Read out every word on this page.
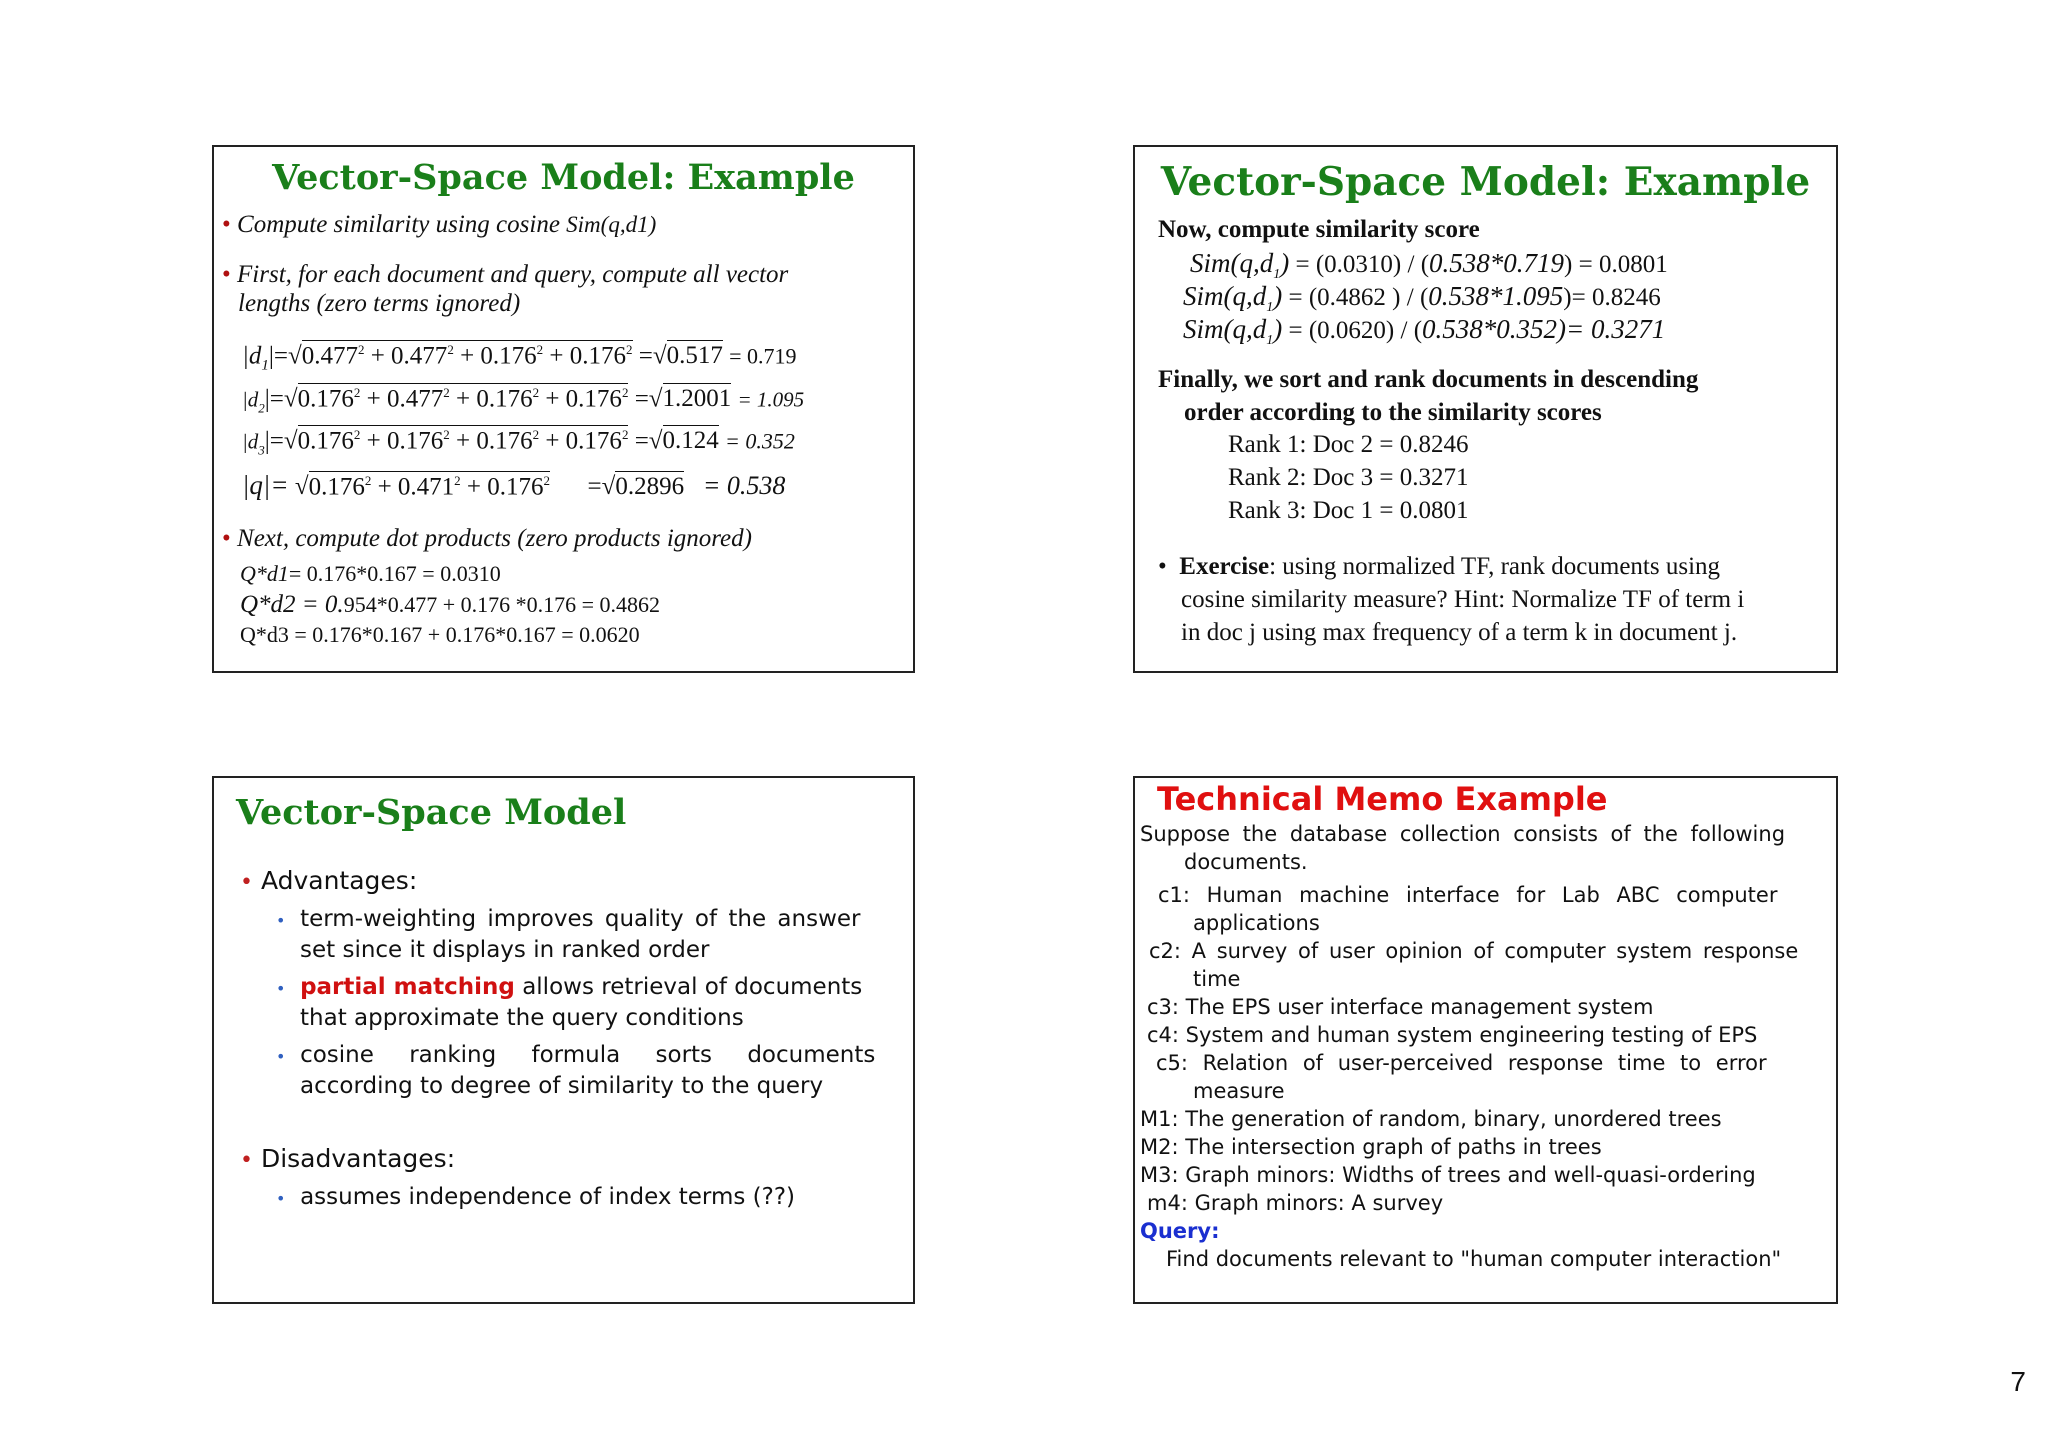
Vector-Space Model: Example
• Compute similarity using cosine Sim(q,d1)
• First, for each document and query, compute all vector
lengths (zero terms ignored)
$|d_1|=√0.477^2 + 0.477^2 + 0.176^2 + 0.176^2 =√0.517 = 0.719$
$|d_2|=√0.176^2 + 0.477^2 + 0.176^2 + 0.176^2 =√1.2001 = 1.095$
$|d_3|=√0.176^2 + 0.176^2 + 0.176^2 + 0.176^2 =√0.124 = 0.352$
$|q|= √0.176^2 + 0.471^2 + 0.176^2$      =√0.2896 = 0.538
• Next, compute dot products (zero products ignored)
Q*d1= 0.176*0.167 = 0.0310
Q*d2 = 0.954*0.477 + 0.176 *0.176 = 0.4862
Q*d3 = 0.176*0.167 + 0.176*0.167 = 0.0620
Vector-Space Model: Example
Now, compute similarity score
$Sim(q,d_1) = (0.0310) / (0.538*0.719) = 0.0801$
$Sim(q,d_1) = (0.4862$ ) / (0.538*1.095)= 0.8246
$Sim(q,d_1) = (0.0620) / (0.538*0.352)= 0.3271$
Finally, we sort and rank documents in descending
order according to the similarity scores
Rank 1: Doc 2 = 0.8246
Rank 2: Doc 3 = 0.3271
Rank 3: Doc 1 = 0.0801
• Exercise: using normalized TF, rank documents using
cosine similarity measure? Hint: Normalize TF of term i
in doc j using max frequency of a term k in document j.
Vector-Space Model
• Advantages:
• term-weighting improves quality of the answer
set since it displays in ranked order
• partial matching allows retrieval of documents
that approximate the query conditions
• cosine ranking formula sorts documents
according to degree of similarity to the query
• Disadvantages:
• assumes independence of index terms (??)
Technical Memo Example
Suppose the database collection consists of the following
documents.
c1: Human machine interface for Lab ABC computer
applications
c2: A survey of user opinion of computer system response
time
c3: The EPS user interface management system
c4: System and human system engineering testing of EPS
c5: Relation of user-perceived response time to error
measure
M1: The generation of random, binary, unordered trees
M2: The intersection graph of paths in trees
M3: Graph minors: Widths of trees and well-quasi-ordering
m4: Graph minors: A survey
Query:
Find documents relevant to "human computer interaction"
7
